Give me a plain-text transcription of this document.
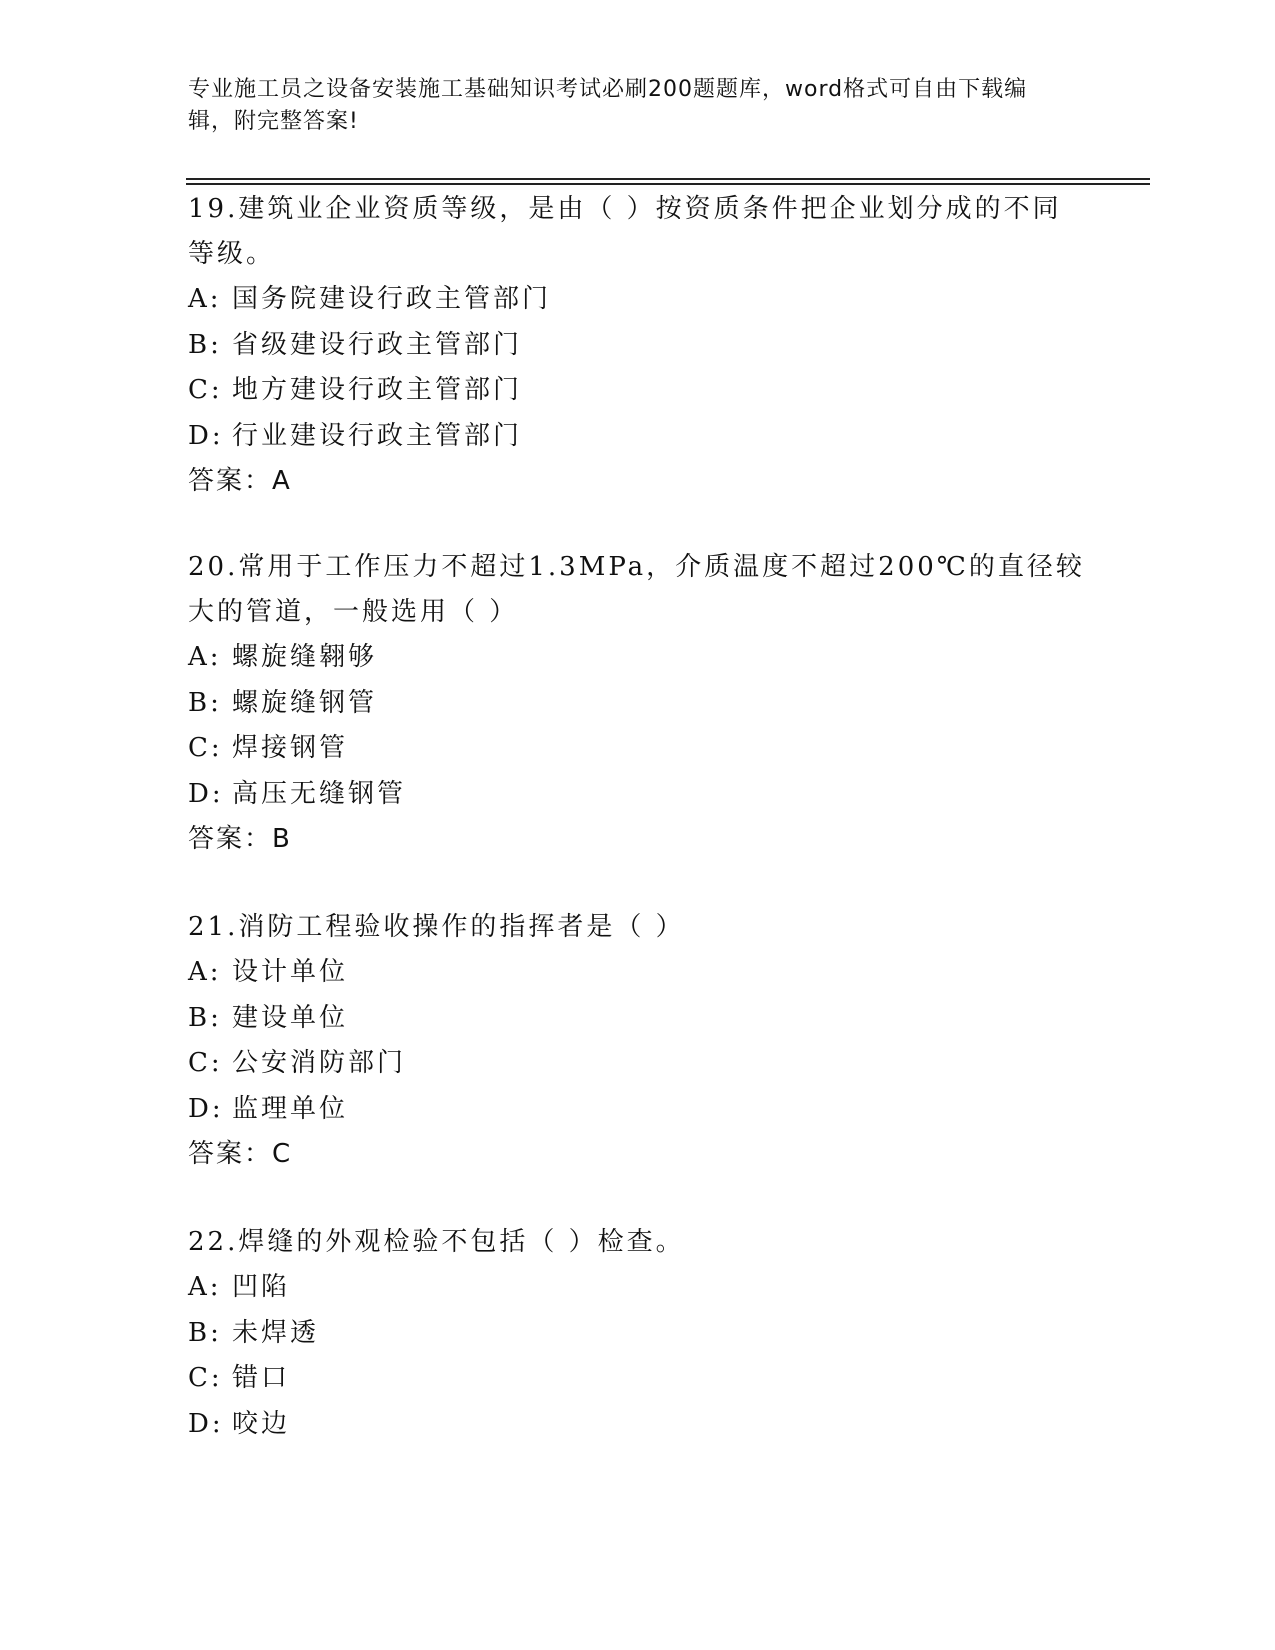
专业施工员之设备安装施工基础知识考试必刷200题题库，word格式可自由下载编辑，附完整答案!

19.建筑业企业资质等级，是由（ ）按资质条件把企业划分成的不同等级。

A: 国务院建设行政主管部门
B: 省级建设行政主管部门
C: 地方建设行政主管部门
D: 行业建设行政主管部门
答案：A

20.常用于工作压力不超过1.3MPa，介质温度不超过200℃的直径较大的管道，一般选用（ ）

A: 螺旋缝翱够
B: 螺旋缝钢管
C: 焊接钢管
D: 高压无缝钢管
答案：B

21.消防工程验收操作的指挥者是（ ）

A: 设计单位
B: 建设单位
C: 公安消防部门
D: 监理单位
答案：C

22.焊缝的外观检验不包括（ ）检查。

A: 凹陷
B: 未焊透
C: 错口
D: 咬边
